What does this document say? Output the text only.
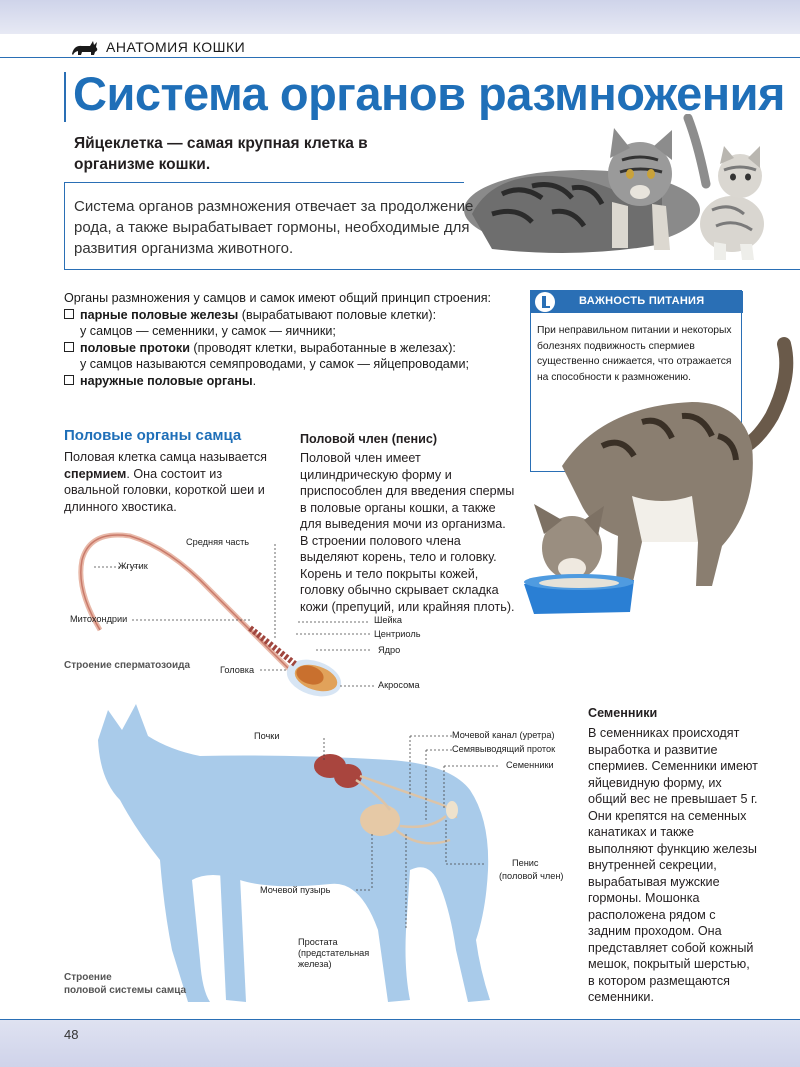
АНАТОМИЯ КОШКИ
Система органов размножения
Яйцеклетка — самая крупная клетка в организме кошки.
Система органов размножения отвечает за продолжение рода, а также вырабатывает гормоны, необходимые для развития организма животного.
Органы размножения у самцов и самок имеют общий принцип строения:
парные половые железы (вырабатывают половые клетки):
у самцов — семенники, у самок — яичники;
половые протоки (проводят клетки, выработанные в железах):
у самцов называются семяпроводами, у самок — яйцепроводами;
наружные половые органы.
ВАЖНОСТЬ ПИТАНИЯ
При неправильном питании и некоторых болезнях подвижность спермиев существенно снижается, что отражается на способности к размножению.
Половые органы самца
Половая клетка самца называется спермием. Она состоит из овальной головки, короткой шеи и длинного хвостика.
Половой член (пенис)
Половой член имеет цилиндрическую форму и приспособлен для введения спермы в половые органы кошки, а также для выведения мочи из организма. В строении полового члена выделяют корень, тело и головку. Корень и тело покрыты кожей, головку обычно скрывает складка кожи (препуций, или крайняя плоть).
Средняя часть
Жгутик
Митохондрии	Шейка
Центриоль
Ядро
Головка
Акросома
Строение сперматозоида
Почки	Мочевой канал (уретра)
Семявыводящий проток
Семенники
Пенис
(половой член)
Мочевой пузырь
Простата
(предстательная
железа)
Строение
половой системы самца
Семенники
В семенниках происходят выработка и развитие спермиев. Семенники имеют яйцевидную форму, их общий вес не превышает 5 г. Они крепятся на семенных канатиках и также выполняют функцию железы внутренней секреции, вырабатывая мужские гормоны. Мошонка расположена рядом с задним проходом. Она представляет собой кожный мешок, покрытый шерстью, в котором размещаются семенники.
48
